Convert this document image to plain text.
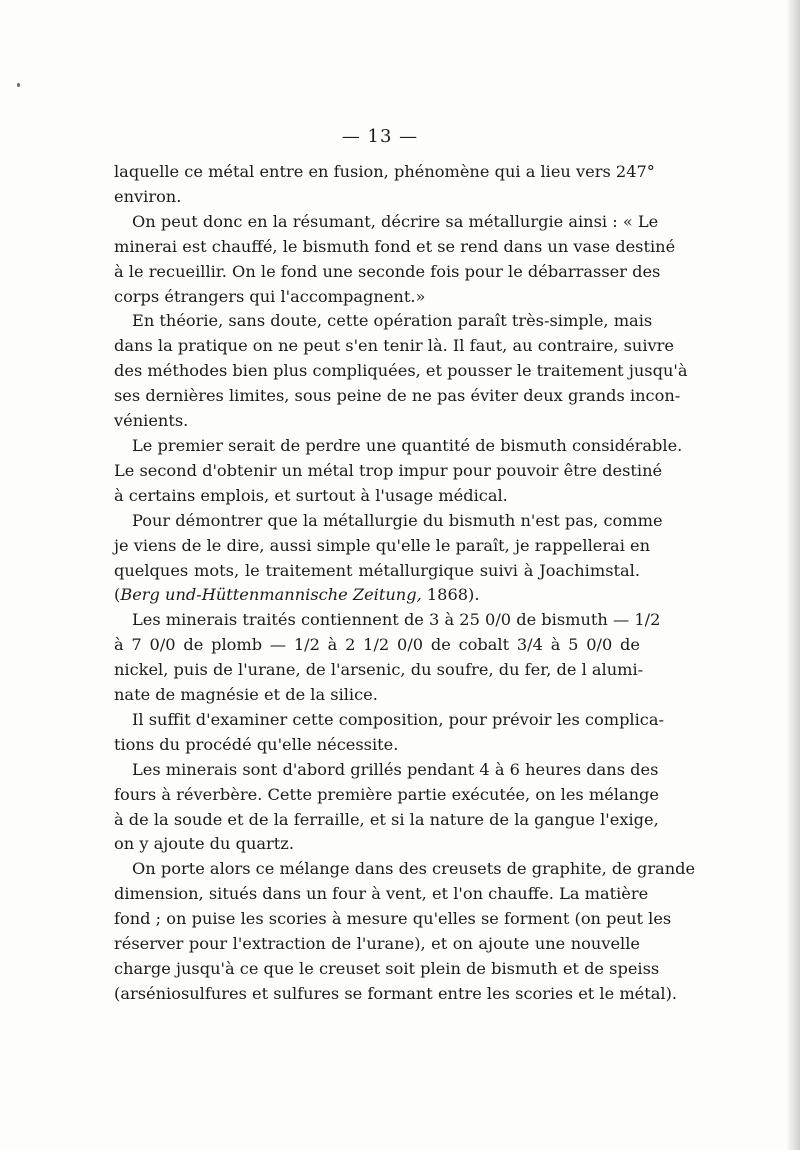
— 13 —

laquelle ce métal entre en fusion, phénomène qui a lieu vers 247°
environ.

On peut donc en la résumant, décrire sa métallurgie ainsi : « Le
minerai est chauffé, le bismuth fond et se rend dans un vase destiné
à le recueillir. On le fond une seconde fois pour le débarrasser des
corps étrangers qui l'accompagnent.»

En théorie, sans doute, cette opération paraît très-simple, mais
dans la pratique on ne peut s'en tenir là. Il faut, au contraire, suivre
des méthodes bien plus compliquées, et pousser le traitement jusqu'à
ses dernières limites, sous peine de ne pas éviter deux grands incon-
vénients.

Le premier serait de perdre une quantité de bismuth considérable.
Le second d'obtenir un métal trop impur pour pouvoir être destiné
à certains emplois, et surtout à l'usage médical.

Pour démontrer que la métallurgie du bismuth n'est pas, comme
je viens de le dire, aussi simple qu'elle le paraît, je rappellerai en
quelques mots, le traitement métallurgique suivi à Joachimstal.
(Berg und-Hüttenmannische Zeitung, 1868).

Les minerais traités contiennent de 3 à 25 0/0 de bismuth — 1/2
à 7 0/0 de plomb — 1/2 à 2 1/2 0/0 de cobalt 3/4 à 5 0/0 de
nickel, puis de l'urane, de l'arsenic, du soufre, du fer, de l alumi-
nate de magnésie et de la silice.

Il suffit d'examiner cette composition, pour prévoir les complica-
tions du procédé qu'elle nécessite.

Les minerais sont d'abord grillés pendant 4 à 6 heures dans des
fours à réverbère. Cette première partie exécutée, on les mélange
à de la soude et de la ferraille, et si la nature de la gangue l'exige,
on y ajoute du quartz.

On porte alors ce mélange dans des creusets de graphite, de grande
dimension, situés dans un four à vent, et l'on chauffe. La matière
fond ; on puise les scories à mesure qu'elles se forment (on peut les
réserver pour l'extraction de l'urane), et on ajoute une nouvelle
charge jusqu'à ce que le creuset soit plein de bismuth et de speiss
(arséniosulfures et sulfures se formant entre les scories et le métal).
